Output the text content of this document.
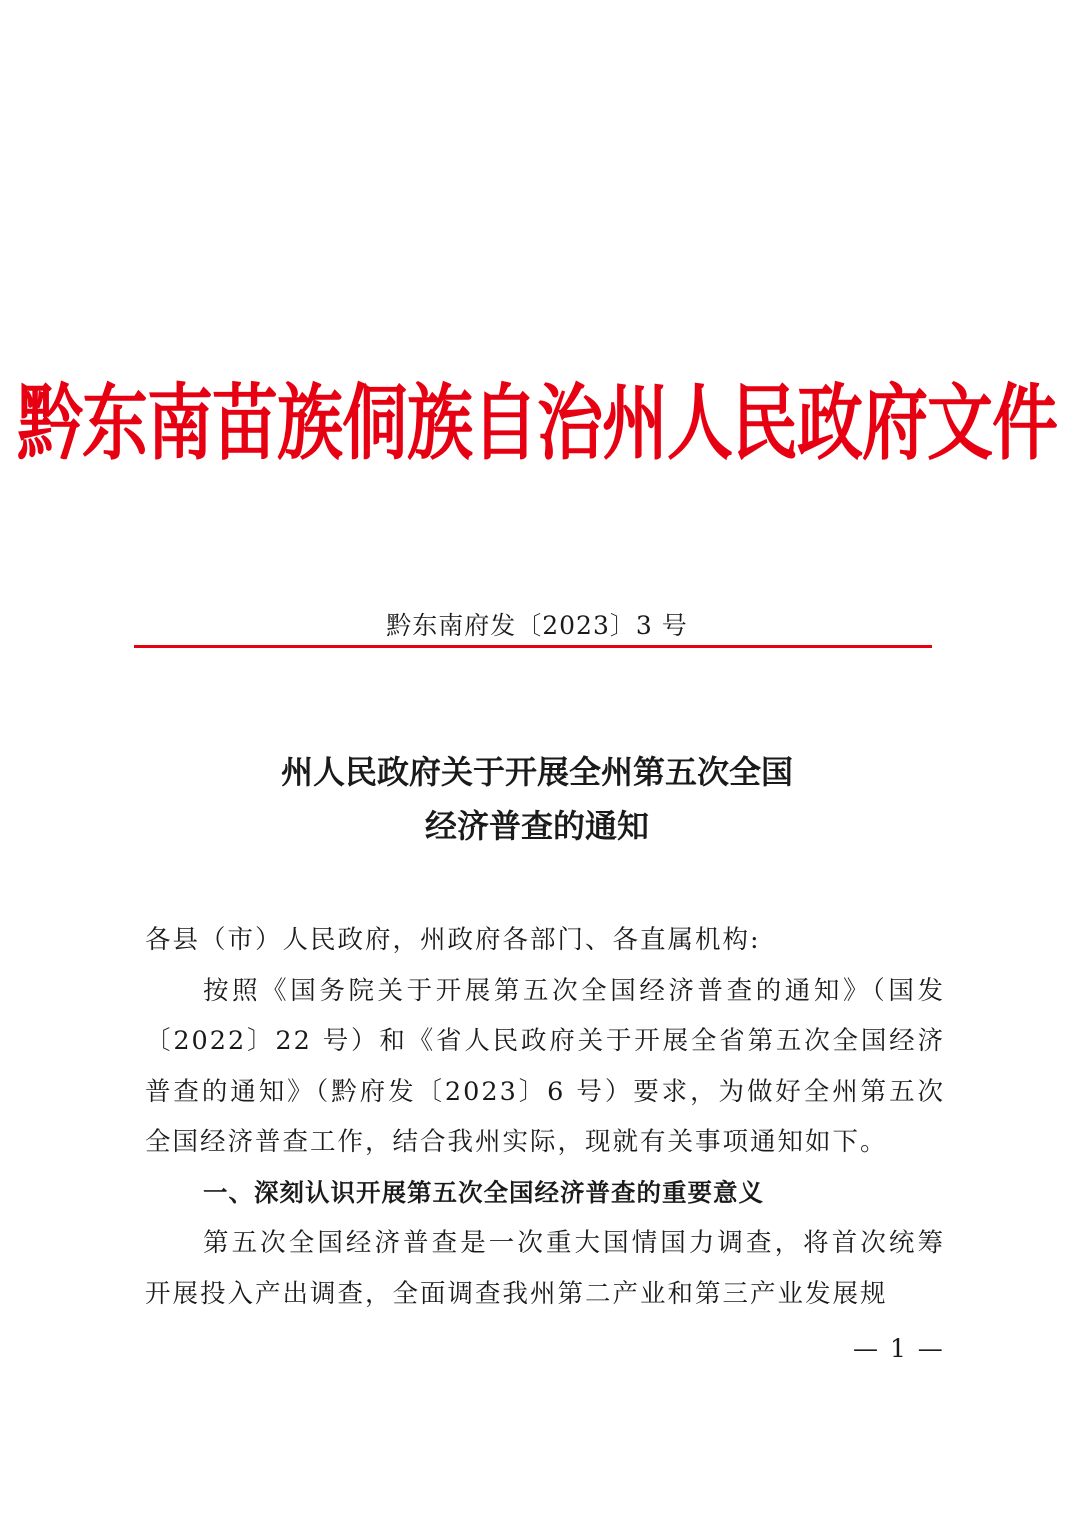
黔东南苗族侗族自治州人民政府文件
黔东南府发〔2023〕3 号
州人民政府关于开展全州第五次全国
经济普查的通知

各县（市）人民政府，州政府各部门、各直属机构:

按照《国务院关于开展第五次全国经济普查的通知》（国发〔2022〕22 号）和《省人民政府关于开展全省第五次全国经济普查的通知》（黔府发〔2023〕6 号）要求，为做好全州第五次全国经济普查工作，结合我州实际，现就有关事项通知如下。

一、深刻认识开展第五次全国经济普查的重要意义

第五次全国经济普查是一次重大国情国力调查，将首次统筹开展投入产出调查，全面调查我州第二产业和第三产业发展规

— 1 —
